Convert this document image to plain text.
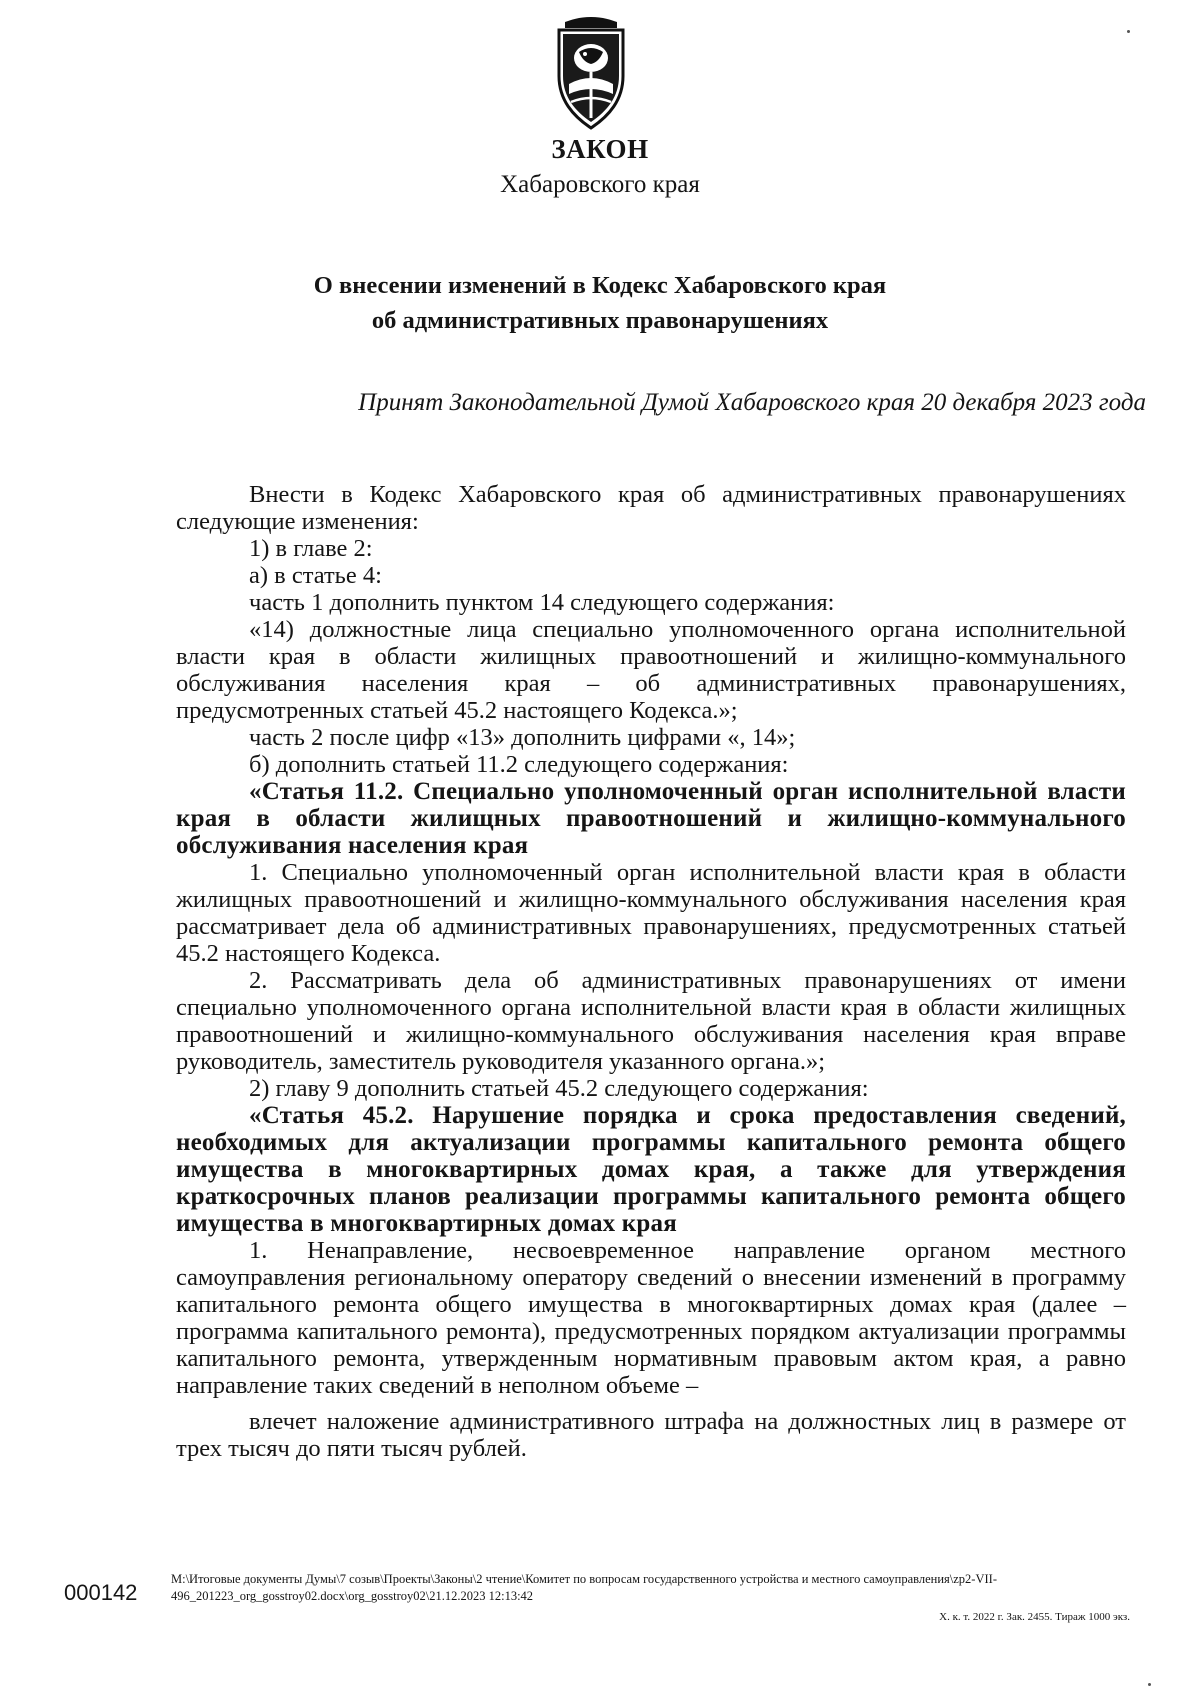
ЗАКОН
Хабаровского края
О внесении изменений в Кодекс Хабаровского края
об административных правонарушениях
Принят Законодательной Думой Хабаровского края 20 декабря 2023 года

Внести в Кодекс Хабаровского края об административных правонарушениях следующие изменения:

1) в главе 2:

а) в статье 4:

часть 1 дополнить пунктом 14 следующего содержания:

«14) должностные лица специально уполномоченного органа исполнительной власти края в области жилищных правоотношений и жилищно-коммунального обслуживания населения края – об административных правонарушениях, предусмотренных статьей 45.2 настоящего Кодекса.»;

часть 2 после цифр «13» дополнить цифрами «, 14»;

б) дополнить статьей 11.2 следующего содержания:

«Статья 11.2. Специально уполномоченный орган исполнительной власти края в области жилищных правоотношений и жилищно-коммунального обслуживания населения края

1. Специально уполномоченный орган исполнительной власти края в области жилищных правоотношений и жилищно-коммунального обслуживания населения края рассматривает дела об административных правонарушениях, предусмотренных статьей 45.2 настоящего Кодекса.

2. Рассматривать дела об административных правонарушениях от имени специально уполномоченного органа исполнительной власти края в области жилищных правоотношений и жилищно-коммунального обслуживания населения края вправе руководитель, заместитель руководителя указанного органа.»;

2) главу 9 дополнить статьей 45.2 следующего содержания:

«Статья 45.2. Нарушение порядка и срока предоставления сведений, необходимых для актуализации программы капитального ремонта общего имущества в многоквартирных домах края, а также для утверждения краткосрочных планов реализации программы капитального ремонта общего имущества в многоквартирных домах края

1. Ненаправление, несвоевременное направление органом местного самоуправления региональному оператору сведений о внесении изменений в программу капитального ремонта общего имущества в многоквартирных домах края (далее – программа капитального ремонта), предусмотренных порядком актуализации программы капитального ремонта, утвержденным нормативным правовым актом края, а равно направление таких сведений в неполном объеме –

влечет наложение административного штрафа на должностных лиц в размере от трех тысяч до пяти тысяч рублей.

000142
M:\Итоговые документы Думы\7 созыв\Проекты\Законы\2 чтение\Комитет по вопросам государственного устройства и местного самоуправления\zp2-VII-
496_201223_org_gosstroy02.docx\org_gosstroy02\21.12.2023 12:13:42
Х. к. т. 2022 г. Зак. 2455. Тираж 1000 экз.
